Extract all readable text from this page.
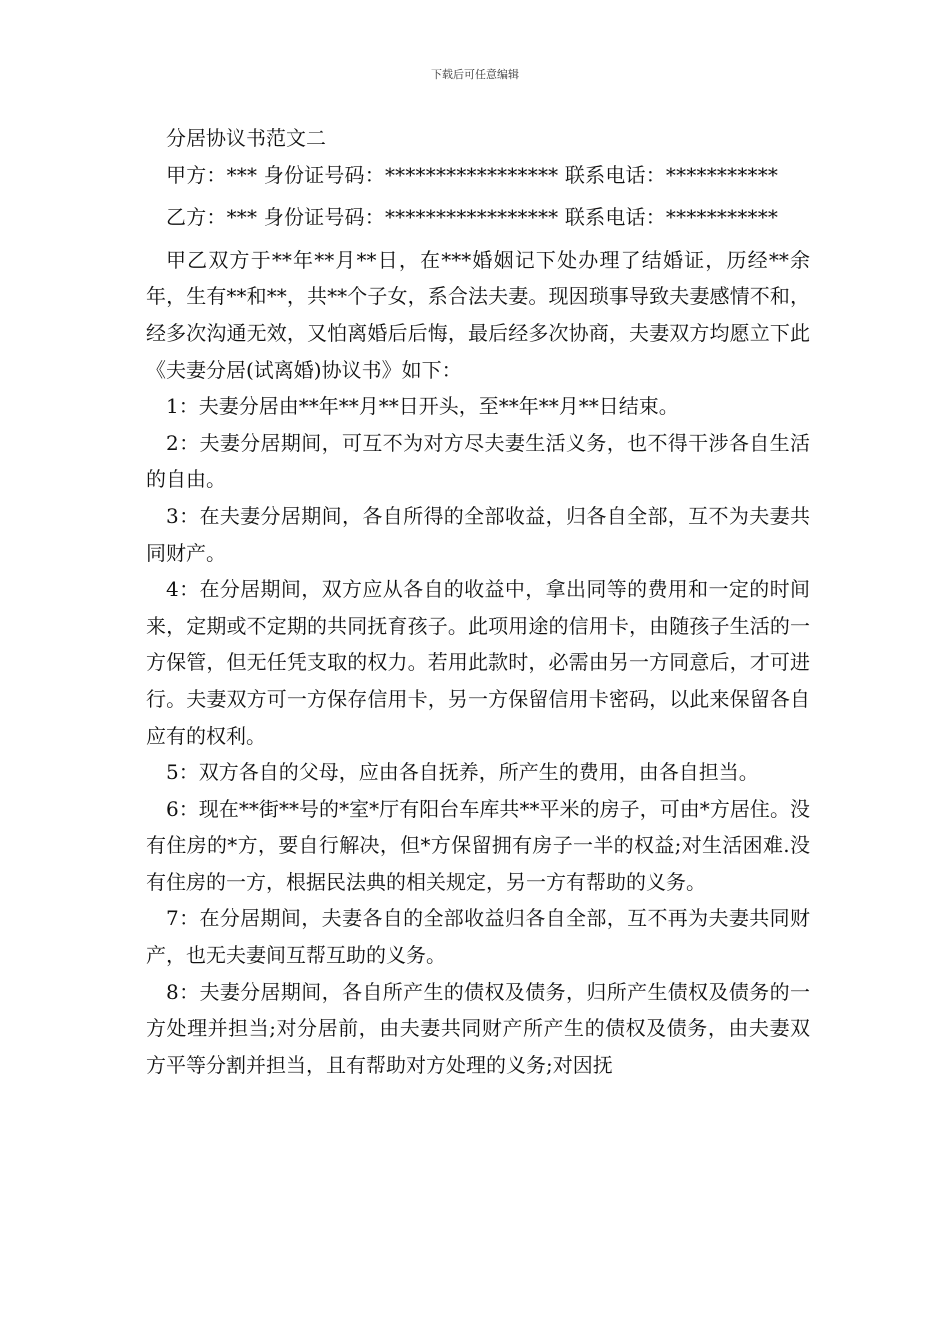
下载后可任意编辑

分居协议书范文二

甲方：*** 身份证号码：***************** 联系电话：***********

乙方：*** 身份证号码：***************** 联系电话：***********

甲乙双方于**年**月**日，在***婚姻记下处办理了结婚证，历经**余年，生有**和**，共**个子女，系合法夫妻。现因琐事导致夫妻感情不和，经多次沟通无效，又怕离婚后后悔，最后经多次协商，夫妻双方均愿立下此《夫妻分居(试离婚)协议书》如下：

1：夫妻分居由**年**月**日开头，至**年**月**日结束。

2：夫妻分居期间，可互不为对方尽夫妻生活义务，也不得干涉各自生活的自由。

3：在夫妻分居期间，各自所得的全部收益，归各自全部，互不为夫妻共同财产。

4：在分居期间，双方应从各自的收益中，拿出同等的费用和一定的时间来，定期或不定期的共同抚育孩子。此项用途的信用卡，由随孩子生活的一方保管，但无任凭支取的权力。若用此款时，必需由另一方同意后，才可进行。夫妻双方可一方保存信用卡，另一方保留信用卡密码，以此来保留各自应有的权利。

5：双方各自的父母，应由各自抚养，所产生的费用，由各自担当。

6：现在**街**号的*室*厅有阳台车库共**平米的房子，可由*方居住。没有住房的*方，要自行解决，但*方保留拥有房子一半的权益;对生活困难.没有住房的一方，根据民法典的相关规定，另一方有帮助的义务。

7：在分居期间，夫妻各自的全部收益归各自全部，互不再为夫妻共同财产，也无夫妻间互帮互助的义务。

8：夫妻分居期间，各自所产生的债权及债务，归所产生债权及债务的一方处理并担当;对分居前，由夫妻共同财产所产生的债权及债务，由夫妻双方平等分割并担当，且有帮助对方处理的义务;对因抚
